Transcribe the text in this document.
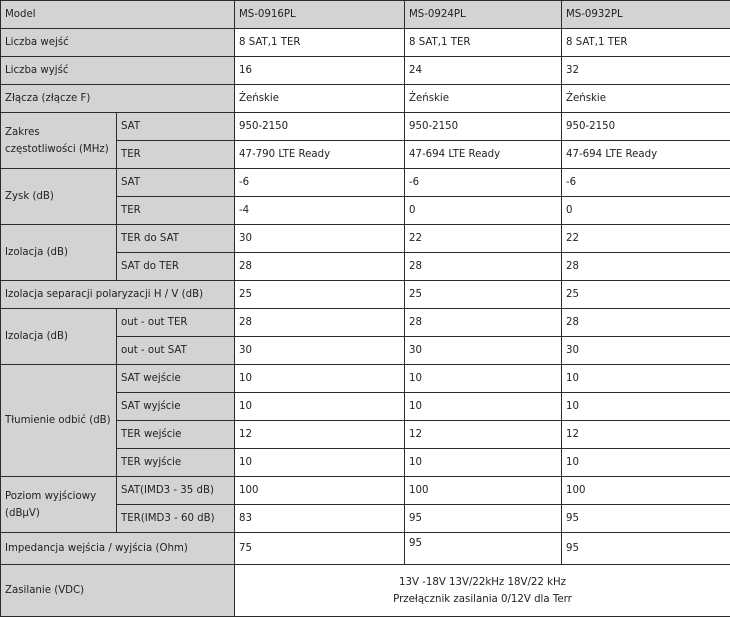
Model		MS-0916PL	MS-0924PL	MS-0932PL
Liczba wejść		8 SAT,1 TER	8 SAT,1 TER	8 SAT,1 TER
Liczba wyjść		16	24	32
Złącza (złącze F)		Żeńskie	Żeńskie	Żeńskie
Zakres częstotliwości (MHz)	SAT	950-2150	950-2150	950-2150
	TER	47-790 LTE Ready	47-694 LTE Ready	47-694 LTE Ready
Zysk (dB)	SAT	-6	-6	-6
	TER	-4	0	0
Izolacja (dB)	TER do SAT	30	22	22
	SAT do TER	28	28	28
Izolacja separacji polaryzacji H / V (dB)		25	25	25
Izolacja (dB)	out - out TER	28	28	28
	out - out SAT	30	30	30
Tłumienie odbić (dB)	SAT wejście	10	10	10
	SAT wyjście	10	10	10
	TER wejście	12	12	12
	TER wyjście	10	10	10
Poziom wyjściowy (dBµV)	SAT(IMD3 - 35 dB)	100	100	100
	TER(IMD3 - 60 dB)	83	95	95
Impedancja wejścia / wyjścia (Ohm)		75	95	95
Zasilanie (VDC)		13V -18V 13V/22kHz 18V/22 kHz
Przełącznik zasilania 0/12V dla Terr		
